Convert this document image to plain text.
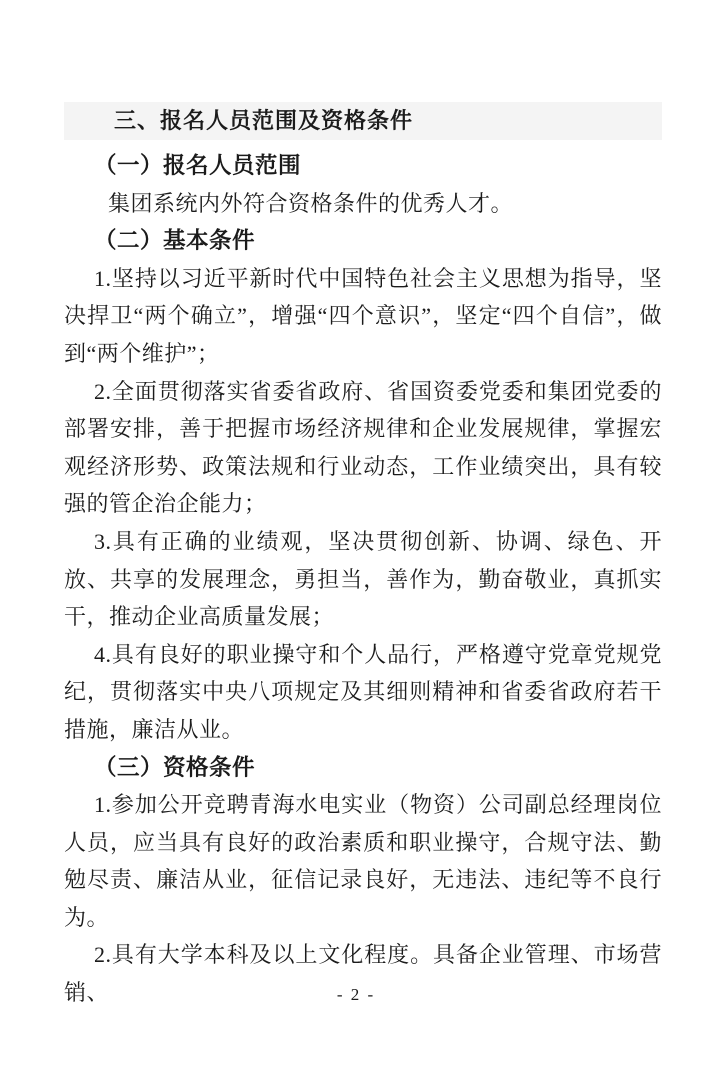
三、报名人员范围及资格条件
（一）报名人员范围

集团系统内外符合资格条件的优秀人才。

（二）基本条件

1.坚持以习近平新时代中国特色社会主义思想为指导，坚决捍卫“两个确立”，增强“四个意识”，坚定“四个自信”，做到“两个维护”；

2.全面贯彻落实省委省政府、省国资委党委和集团党委的部署安排，善于把握市场经济规律和企业发展规律，掌握宏观经济形势、政策法规和行业动态，工作业绩突出，具有较强的管企治企能力；

3.具有正确的业绩观，坚决贯彻创新、协调、绿色、开放、共享的发展理念，勇担当，善作为，勤奋敬业，真抓实干，推动企业高质量发展；

4.具有良好的职业操守和个人品行，严格遵守党章党规党纪，贯彻落实中央八项规定及其细则精神和省委省政府若干措施，廉洁从业。

（三）资格条件

1.参加公开竞聘青海水电实业（物资）公司副总经理岗位人员，应当具有良好的政治素质和职业操守，合规守法、勤勉尽责、廉洁从业，征信记录良好，无违法、违纪等不良行为。

2.具有大学本科及以上文化程度。具备企业管理、市场营销、	- 2 -
